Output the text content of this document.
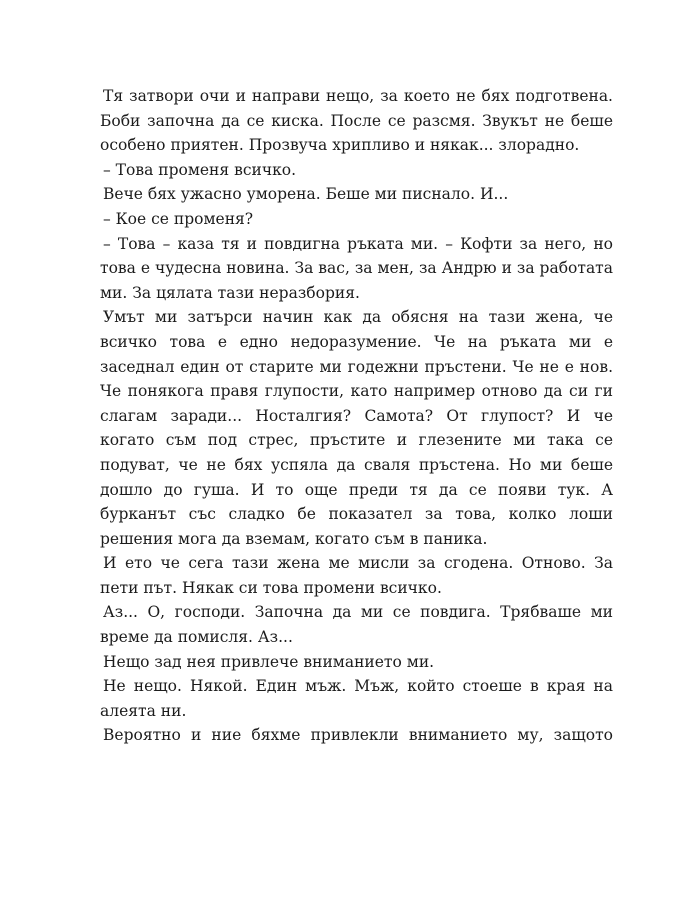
Тя затвори очи и направи нещо, за което не бях подготвена. Боби започна да се киска. После се разсмя. Звукът не беше особено приятен. Прозвуча хрипливо и някак... злорадно.

– Това променя всичко.

Вече бях ужасно уморена. Беше ми писнало. И...

– Кое се променя?

– Това – каза тя и повдигна ръката ми. – Кофти за него, но това е чудесна новина. За вас, за мен, за Андрю и за работата ми. За цялата тази неразбория.

Умът ми затърси начин как да обясня на тази жена, че всичко това е едно недоразумение. Че на ръката ми е заседнал един от старите ми годежни пръстени. Че не е нов. Че понякога правя глупости, като например отново да си ги слагам заради... Носталгия? Самота? От глупост? И че когато съм под стрес, пръстите и глезените ми така се подуват, че не бях успяла да сваля пръстена. Но ми беше дошло до гуша. И то още преди тя да се появи тук. А бурканът със сладко бе показател за това, колко лоши решения мога да вземам, когато съм в паника.

И ето че сега тази жена ме мисли за сгодена. Отново. За пети път. Някак си това промени всичко.

Аз... О, господи. Започна да ми се повдига. Трябваше ми време да помисля. Аз...

Нещо зад нея привлече вниманието ми.

Не нещо. Някой. Един мъж. Мъж, който стоеше в края на алеята ни.

Вероятно и ние бяхме привлекли вниманието му, защото
